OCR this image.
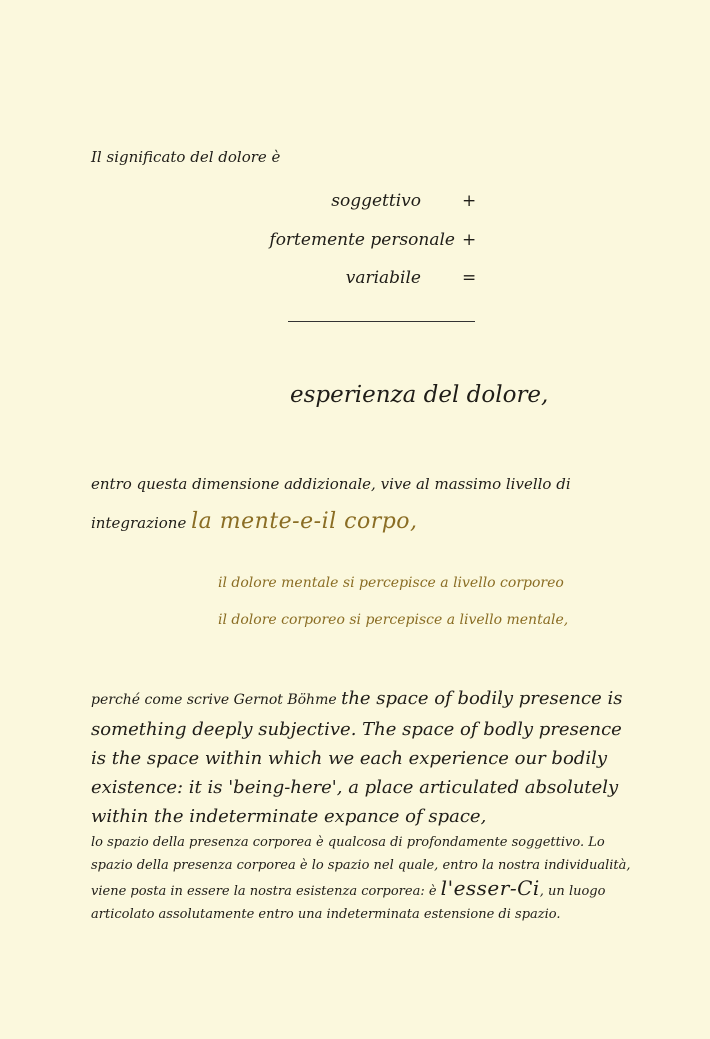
Il significato del dolore è
soggettivo +
fortemente personale +
variabile =
esperienza del dolore,
entro questa dimensione addizionale, vive al massimo livello di integrazione la mente-e-il corpo,
il dolore mentale si percepisce a livello corporeo
il dolore corporeo si percepisce a livello mentale,
perché come scrive Gernot Böhme the space of bodily presence is something deeply subjective. The space of bodly presence is the space within which we each experience our bodily existence: it is 'being-here', a place articulated absolutely within the indeterminate expance of space,
lo spazio della presenza corporea è qualcosa di profondamente soggettivo. Lo spazio della presenza corporea è lo spazio nel quale, entro la nostra individualità, viene posta in essere la nostra esistenza corporea: è l'esser-Ci, un luogo articolato assolutamente entro una indeterminata estensione di spazio.
